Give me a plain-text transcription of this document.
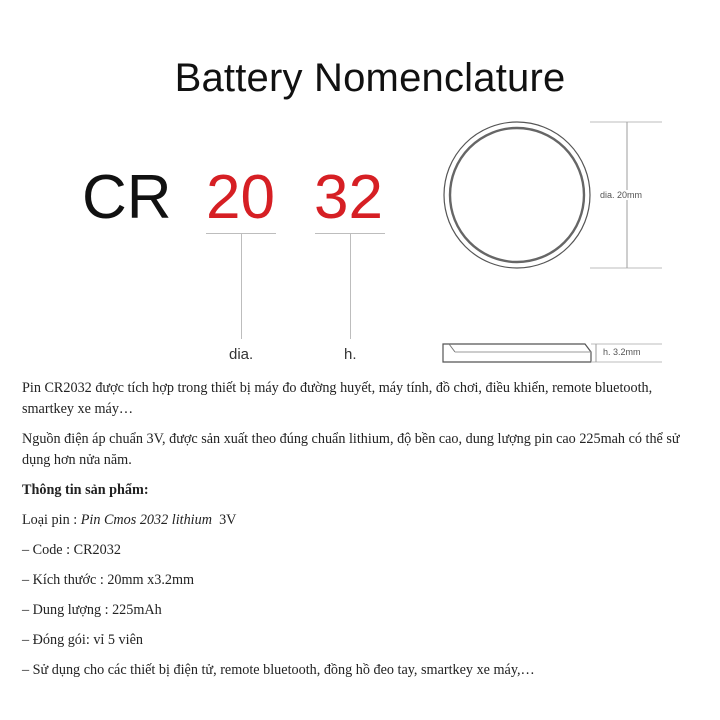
Battery Nomenclature
CR 20 32
dia.	h.
dia. 20mm
h. 3.2mm

Pin CR2032 được tích hợp trong thiết bị máy đo đường huyết, máy tính, đồ chơi, điều khiển, remote bluetooth, smartkey xe máy…

Nguồn điện áp chuẩn 3V, được sản xuất theo đúng chuẩn lithium, độ bền cao, dung lượng pin cao 225mah có thể sử dụng hơn nửa năm.

Thông tin sản phẩm:

Loại pin : Pin Cmos 2032 lithium  3V
– Code : CR2032
– Kích thước : 20mm x3.2mm
– Dung lượng : 225mAh
– Đóng gói: vỉ 5 viên
– Sử dụng cho các thiết bị điện tử, remote bluetooth, đồng hồ đeo tay, smartkey xe máy,…
